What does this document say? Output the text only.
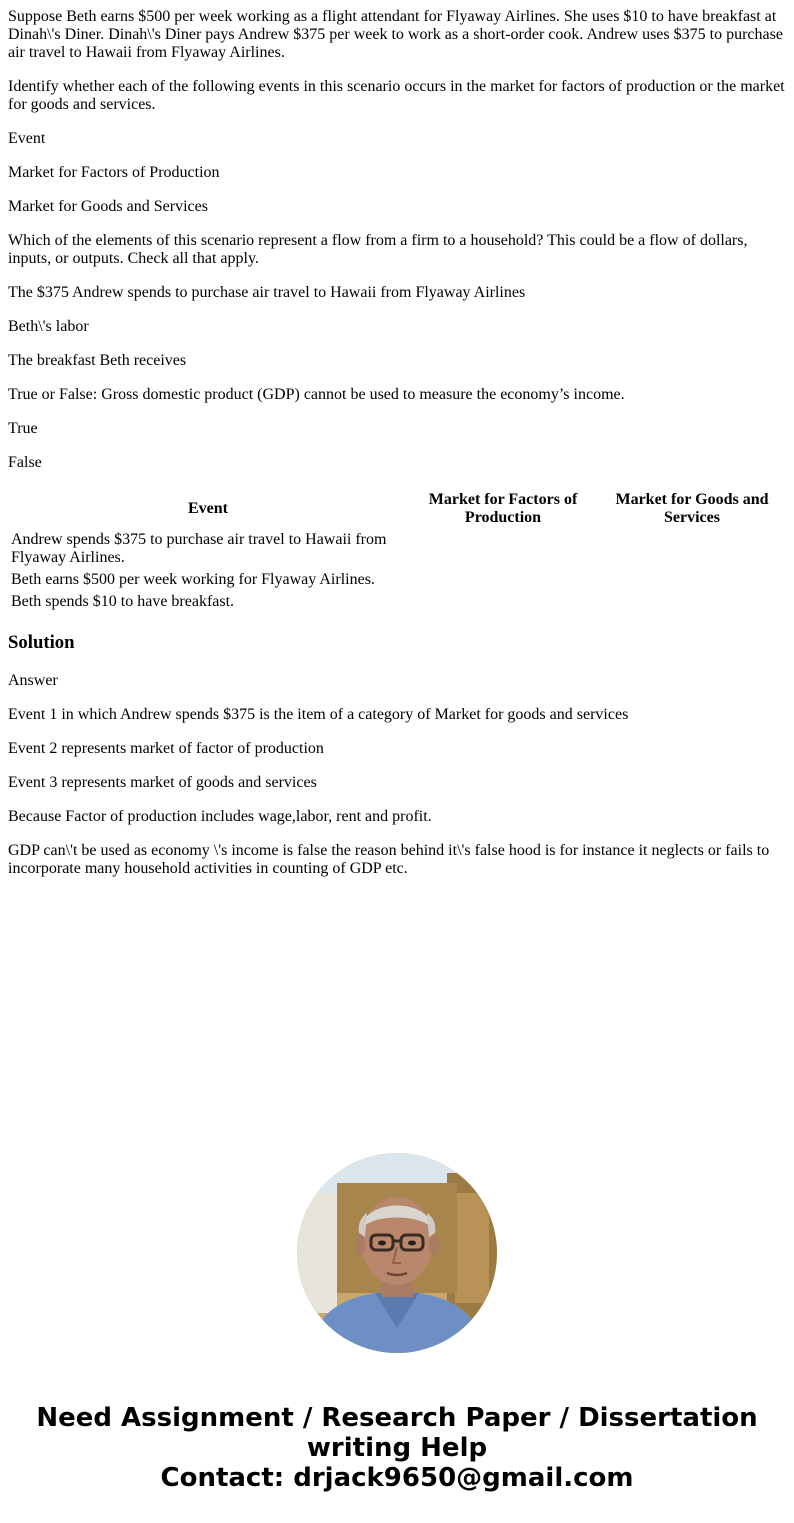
Suppose Beth earns $500 per week working as a flight attendant for Flyaway Airlines. She uses $10 to have breakfast at Dinah\'s Diner. Dinah\'s Diner pays Andrew $375 per week to work as a short-order cook. Andrew uses $375 to purchase air travel to Hawaii from Flyaway Airlines.

Identify whether each of the following events in this scenario occurs in the market for factors of production or the market for goods and services.

Event

Market for Factors of Production

Market for Goods and Services

Which of the elements of this scenario represent a flow from a firm to a household? This could be a flow of dollars, inputs, or outputs. Check all that apply.

The $375 Andrew spends to purchase air travel to Hawaii from Flyaway Airlines

Beth\'s labor

The breakfast Beth receives

True or False: Gross domestic product (GDP) cannot be used to measure the economy’s income.

True

False

Event	Market for Factors of Production	Market for Goods and Services
Andrew spends $375 to purchase air travel to Hawaii from Flyaway Airlines.		
Beth earns $500 per week working for Flyaway Airlines.		
Beth spends $10 to have breakfast.		
Solution

Answer

Event 1 in which Andrew spends $375 is the item of a category of Market for goods and services

Event 2 represents market of factor of production

Event 3 represents market of goods and services

Because Factor of production includes wage,labor, rent and profit.

GDP can\'t be used as economy \'s income is false the reason behind it\'s false hood is for instance it neglects or fails to incorporate many household activities in counting of GDP etc.

Need Assignment / Research Paper / Dissertation
writing Help
Contact: drjack9650@gmail.com
